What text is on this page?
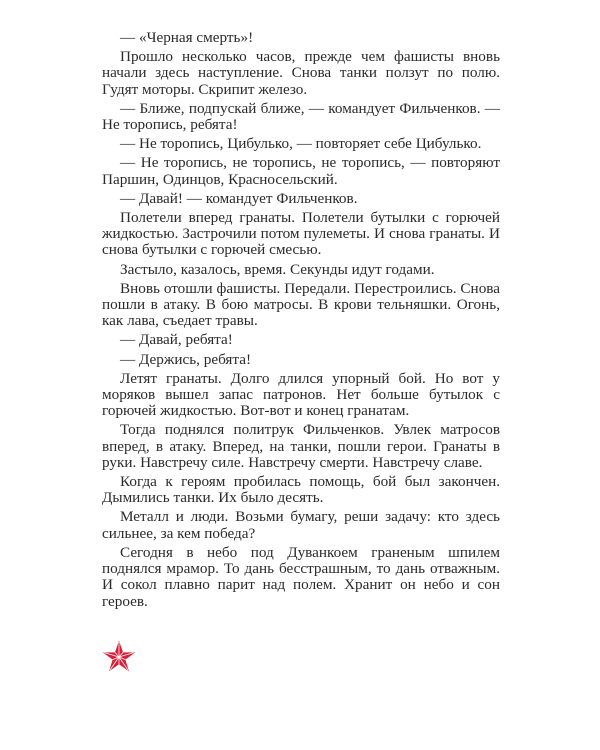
— «Черная смерть»!

Прошло несколько часов, прежде чем фашисты вновь начали здесь наступление. Снова танки ползут по полю. Гудят моторы. Скрипит железо.

— Ближе, подпускай ближе, — командует Фильченков. — Не торопись, ребята!

— Не торопись, Цибулько, — повторяет себе Цибулько.

— Не торопись, не торопись, не торопись, — повторяют Паршин, Одинцов, Красносельский.

— Давай! — командует Фильченков.

Полетели вперед гранаты. Полетели бутылки с горючей жидкостью. Застрочили потом пулеметы. И снова гранаты. И снова бутылки с горючей смесью.

Застыло, казалось, время. Секунды идут годами.

Вновь отошли фашисты. Передали. Перестроились. Снова пошли в атаку. В бою матросы. В крови тельняшки. Огонь, как лава, съедает травы.

— Давай, ребята!

— Держись, ребята!

Летят гранаты. Долго длился упорный бой. Но вот у моряков вышел запас патронов. Нет больше бутылок с горючей жидкостью. Вот-вот и конец гранатам.

Тогда поднялся политрук Фильченков. Увлек матросов вперед, в атаку. Вперед, на танки, пошли герои. Гранаты в руки. Навстречу силе. Навстречу смерти. Навстречу славе.

Когда к героям пробилась помощь, бой был закончен. Дымились танки. Их было десять.

Металл и люди. Возьми бумагу, реши задачу: кто здесь сильнее, за кем победа?

Сегодня в небо под Дуванкоем граненым шпилем поднялся мрамор. То дань бесстрашным, то дань отважным. И сокол плавно парит над полем. Хранит он небо и сон героев.
